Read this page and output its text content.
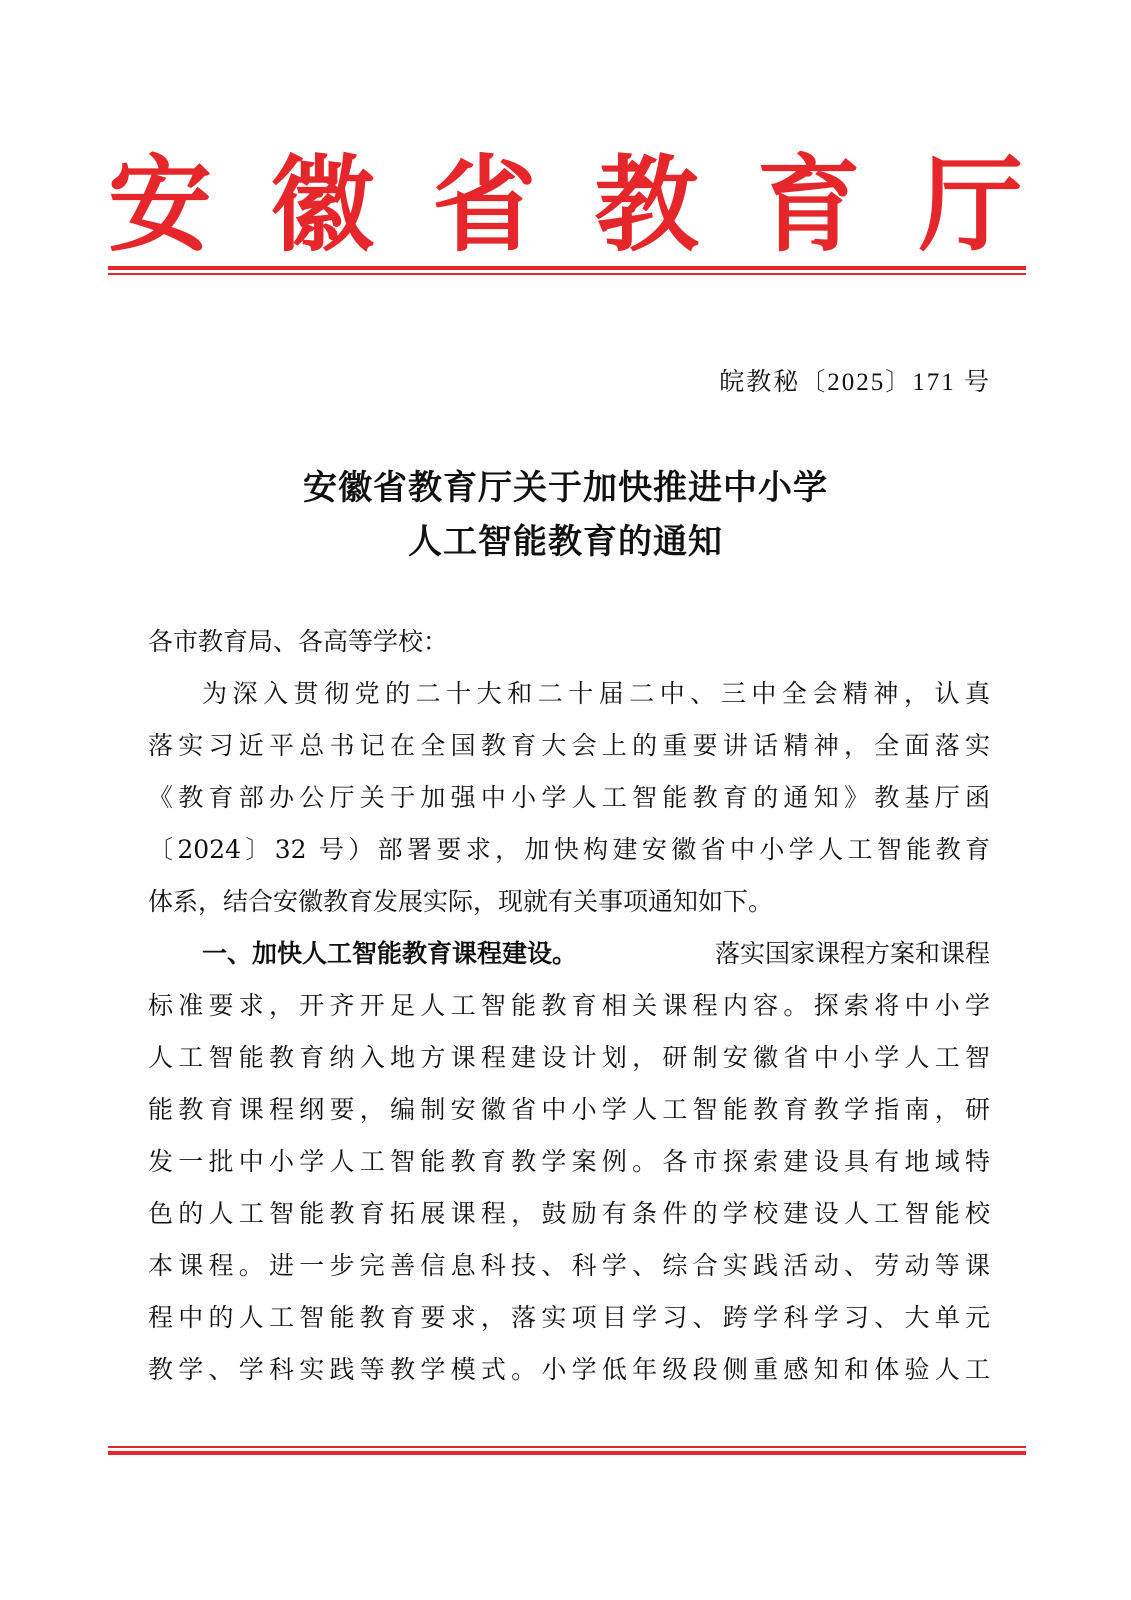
安 徽 省 教 育 厅
皖教秘〔2025〕171 号
安徽省教育厅关于加快推进中小学
人工智能教育的通知
各市教育局、各高等学校：
为深入贯彻党的二十大和二十届二中、三中全会精神，认真
落实习近平总书记在全国教育大会上的重要讲话精神，全面落实
《教育部办公厅关于加强中小学人工智能教育的通知》教基厅函
〔2024〕32 号）部署要求，加快构建安徽省中小学人工智能教育
体系，结合安徽教育发展实际，现就有关事项通知如下。
一、加快人工智能教育课程建设。	落实国家课程方案和课程
标准要求，开齐开足人工智能教育相关课程内容。探索将中小学
人工智能教育纳入地方课程建设计划，研制安徽省中小学人工智
能教育课程纲要，编制安徽省中小学人工智能教育教学指南，研
发一批中小学人工智能教育教学案例。各市探索建设具有地域特
色的人工智能教育拓展课程，鼓励有条件的学校建设人工智能校
本课程。进一步完善信息科技、科学、综合实践活动、劳动等课
程中的人工智能教育要求，落实项目学习、跨学科学习、大单元
教学、学科实践等教学模式。小学低年级段侧重感知和体验人工
